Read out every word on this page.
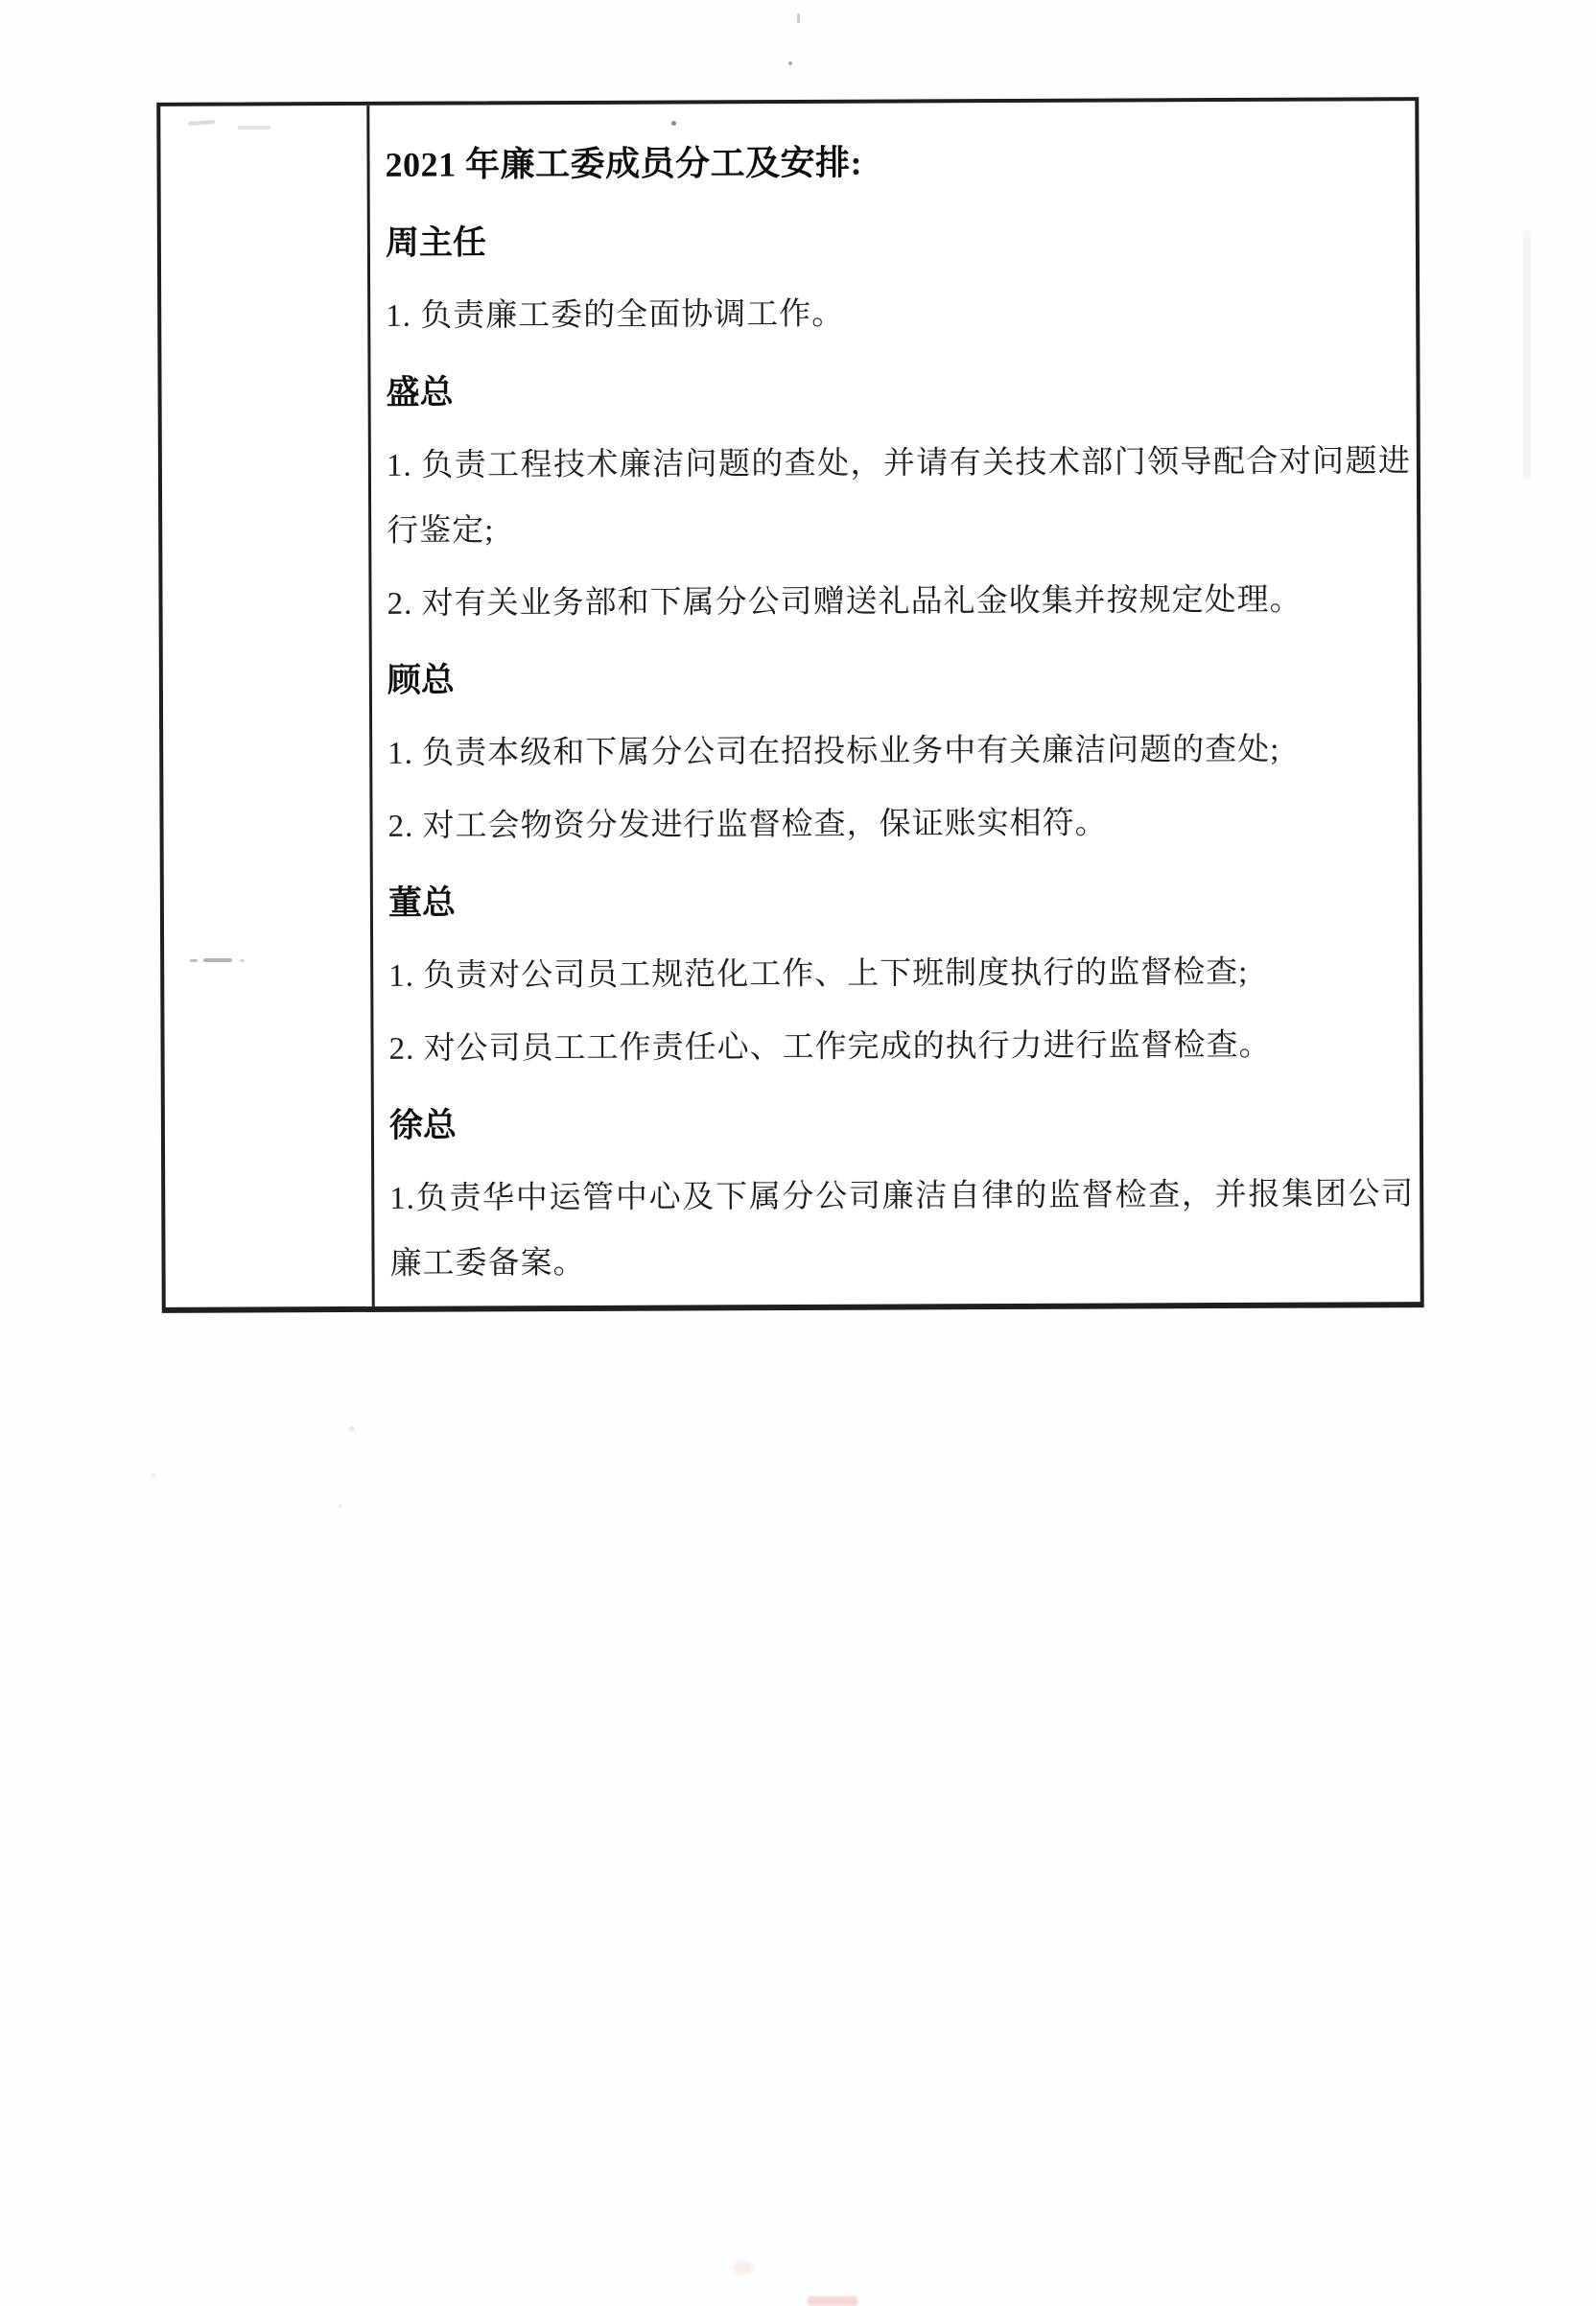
2021 年廉工委成员分工及安排:
周主任

1. 负责廉工委的全面协调工作。

盛总

1. 负责工程技术廉洁问题的查处，并请有关技术部门领导配合对问题进行鉴定;

2. 对有关业务部和下属分公司赠送礼品礼金收集并按规定处理。

顾总

1. 负责本级和下属分公司在招投标业务中有关廉洁问题的查处;

2. 对工会物资分发进行监督检查，保证账实相符。

董总

1. 负责对公司员工规范化工作、上下班制度执行的监督检查;

2. 对公司员工工作责任心、工作完成的执行力进行监督检查。

徐总

1.负责华中运管中心及下属分公司廉洁自律的监督检查，并报集团公司廉工委备案。
